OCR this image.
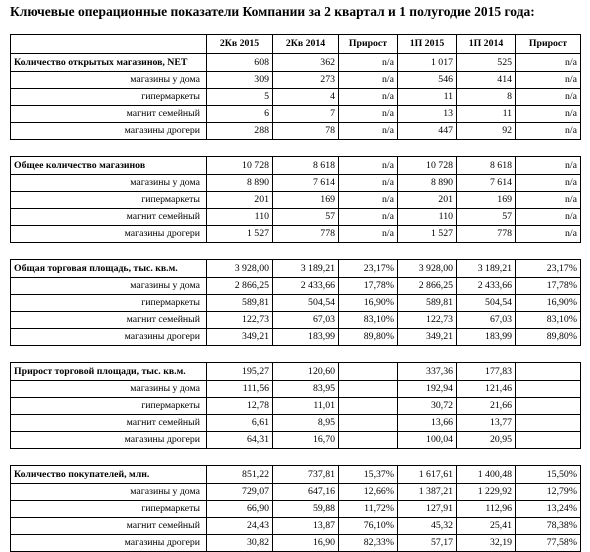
Ключевые операционные показатели Компании за 2 квартал и 1 полугодие 2015 года:
	2Кв 2015	2Кв 2014	Прирост	1П 2015	1П 2014	Прирост
Количество открытых магазинов, NET	608	362	n/a	1 017	525	n/a
магазины у дома	309	273	n/a	546	414	n/a
гипермаркеты	5	4	n/a	11	8	n/a
магнит семейный	6	7	n/a	13	11	n/a
магазины дрогери	288	78	n/a	447	92	n/a

Общее количество магазинов	10 728	8 618	n/a	10 728	8 618	n/a
магазины у дома	8 890	7 614	n/a	8 890	7 614	n/a
гипермаркеты	201	169	n/a	201	169	n/a
магнит семейный	110	57	n/a	110	57	n/a
магазины дрогери	1 527	778	n/a	1 527	778	n/a

Общая торговая площадь, тыс. кв.м.	3 928,00	3 189,21	23,17%	3 928,00	3 189,21	23,17%
магазины у дома	2 866,25	2 433,66	17,78%	2 866,25	2 433,66	17,78%
гипермаркеты	589,81	504,54	16,90%	589,81	504,54	16,90%
магнит семейный	122,73	67,03	83,10%	122,73	67,03	83,10%
магазины дрогери	349,21	183,99	89,80%	349,21	183,99	89,80%

Прирост торговой площади, тыс. кв.м.	195,27	120,60		337,36	177,83	
магазины у дома	111,56	83,95		192,94	121,46	
гипермаркеты	12,78	11,01		30,72	21,66	
магнит семейный	6,61	8,95		13,66	13,77	
магазины дрогери	64,31	16,70		100,04	20,95	

Количество покупателей, млн.	851,22	737,81	15,37%	1 617,61	1 400,48	15,50%
магазины у дома	729,07	647,16	12,66%	1 387,21	1 229,92	12,79%
гипермаркеты	66,90	59,88	11,72%	127,91	112,96	13,24%
магнит семейный	24,43	13,87	76,10%	45,32	25,41	78,38%
магазины дрогери	30,82	16,90	82,33%	57,17	32,19	77,58%
